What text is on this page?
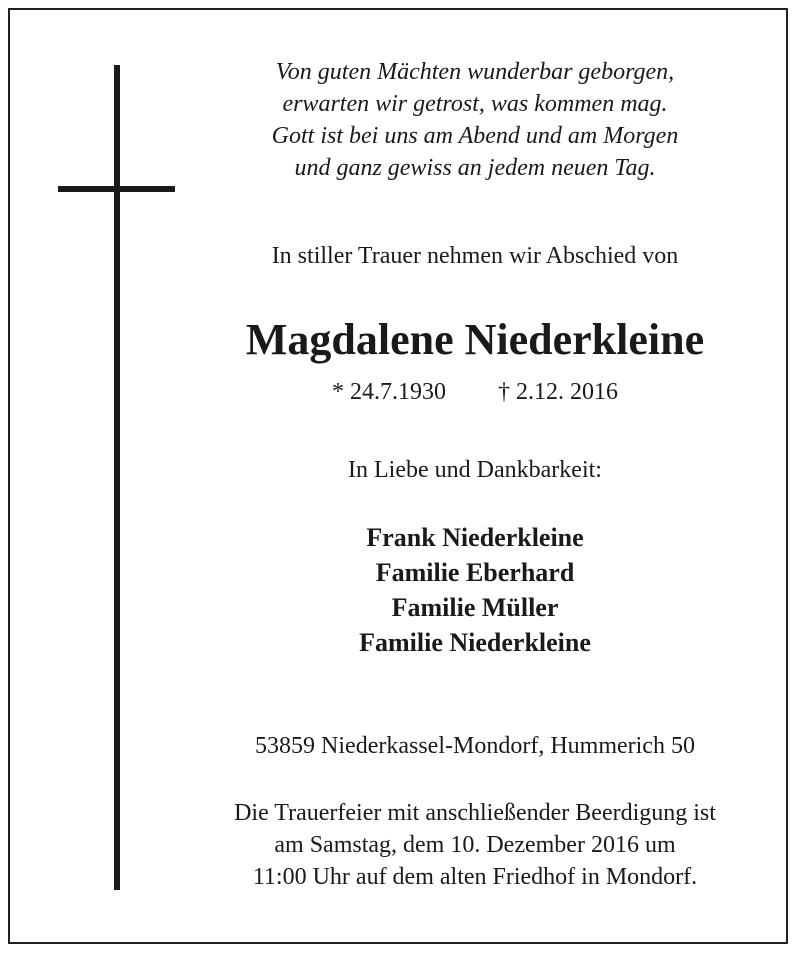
Von guten Mächten wunderbar geborgen,
erwarten wir getrost, was kommen mag.
Gott ist bei uns am Abend und am Morgen
und ganz gewiss an jedem neuen Tag.
In stiller Trauer nehmen wir Abschied von
Magdalene Niederkleine
* 24.7.1930 † 2.12. 2016
In Liebe und Dankbarkeit:
Frank Niederkleine
Familie Eberhard
Familie Müller
Familie Niederkleine
53859 Niederkassel-Mondorf, Hummerich 50
Die Trauerfeier mit anschließender Beerdigung ist
am Samstag, dem 10. Dezember 2016 um
11:00 Uhr auf dem alten Friedhof in Mondorf.
